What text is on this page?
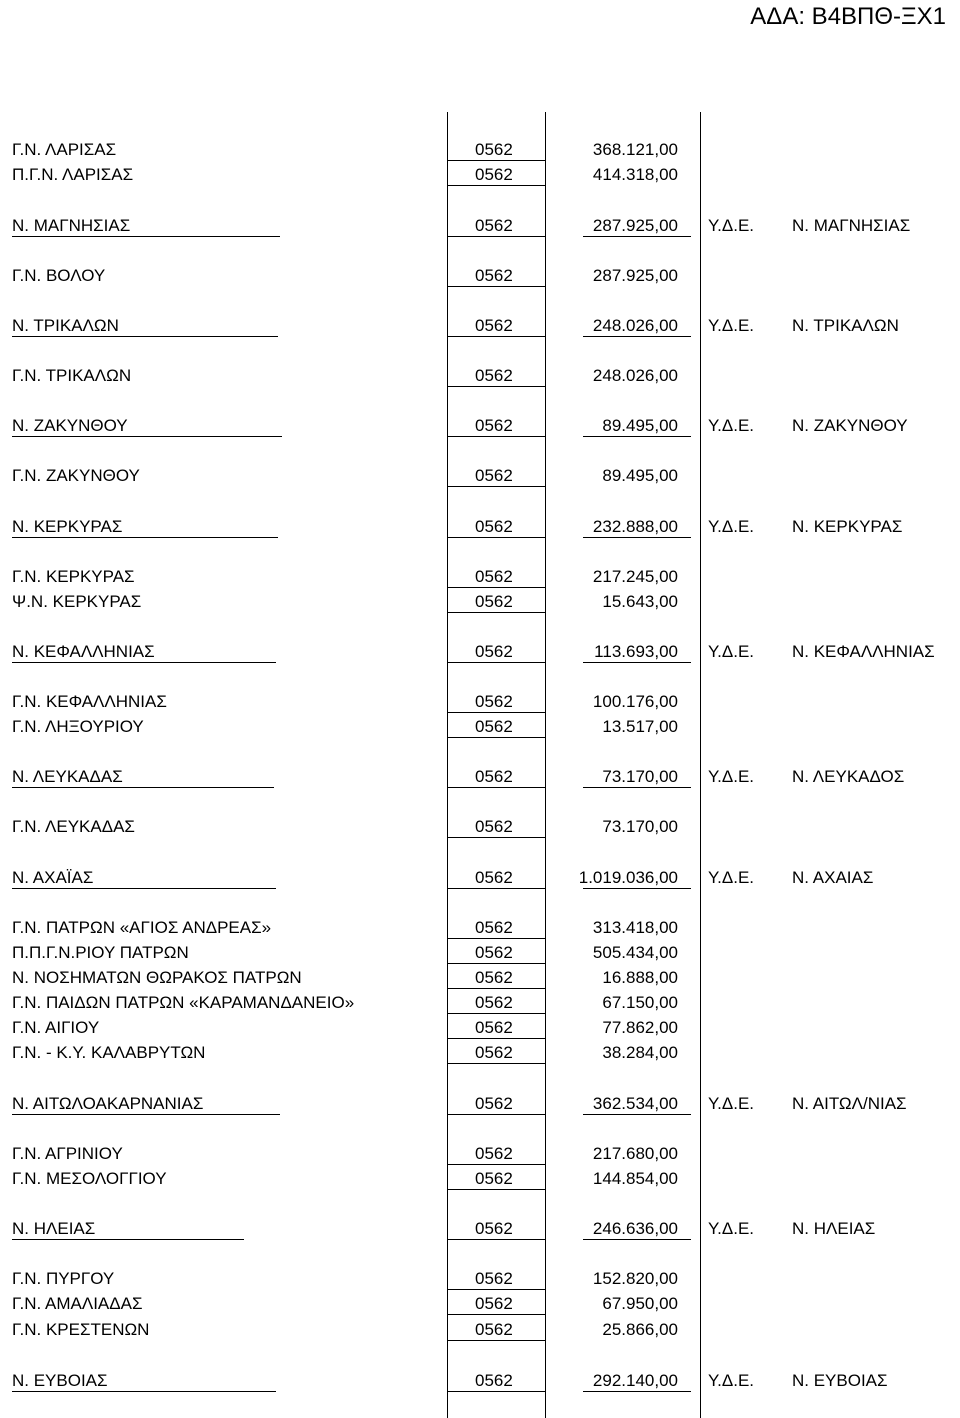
ΑΔΑ: Β4ΒΠΘ-ΞΧ1
Γ.Ν. ΛΑΡΙΣΑΣ	0562	368.121,00
Π.Γ.Ν. ΛΑΡΙΣΑΣ	0562	414.318,00
Ν. ΜΑΓΝΗΣΙΑΣ	0562	287.925,00 Υ.Δ.Ε. Ν. ΜΑΓΝΗΣΙΑΣ
Γ.Ν. ΒΟΛΟΥ	0562	287.925,00
Ν. ΤΡΙΚΑΛΩΝ	0562	248.026,00 Υ.Δ.Ε. Ν. ΤΡΙΚΑΛΩΝ
Γ.Ν. ΤΡΙΚΑΛΩΝ	0562	248.026,00
Ν. ΖΑΚΥΝΘΟΥ	0562	89.495,00 Υ.Δ.Ε. Ν. ΖΑΚΥΝΘΟΥ
Γ.Ν. ΖΑΚΥΝΘΟΥ	0562	89.495,00
Ν. ΚΕΡΚΥΡΑΣ	0562	232.888,00 Υ.Δ.Ε. Ν. ΚΕΡΚΥΡΑΣ
Γ.Ν. ΚΕΡΚΥΡΑΣ	0562	217.245,00
Ψ.Ν. ΚΕΡΚΥΡΑΣ	0562	15.643,00
Ν. ΚΕΦΑΛΛΗΝΙΑΣ	0562	113.693,00 Υ.Δ.Ε. Ν. ΚΕΦΑΛΛΗΝΙΑΣ
Γ.Ν. ΚΕΦΑΛΛΗΝΙΑΣ	0562	100.176,00
Γ.Ν. ΛΗΞΟΥΡΙΟΥ	0562	13.517,00
Ν. ΛΕΥΚΑΔΑΣ	0562	73.170,00 Υ.Δ.Ε. Ν. ΛΕΥΚΑΔΟΣ
Γ.Ν. ΛΕΥΚΑΔΑΣ	0562	73.170,00
Ν. ΑΧΑΪΑΣ	0562	1.019.036,00 Υ.Δ.Ε. Ν. ΑΧΑΙΑΣ
Γ.Ν. ΠΑΤΡΩΝ «ΑΓΙΟΣ ΑΝΔΡΕΑΣ»	0562	313.418,00
Π.Π.Γ.Ν.ΡΙΟΥ ΠΑΤΡΩΝ	0562	505.434,00
Ν. ΝΟΣΗΜΑΤΩΝ ΘΩΡΑΚΟΣ ΠΑΤΡΩΝ	0562	16.888,00
Γ.Ν. ΠΑΙΔΩΝ ΠΑΤΡΩΝ «ΚΑΡΑΜΑΝΔΑΝΕΙΟ»	0562	67.150,00
Γ.Ν. ΑΙΓΙΟΥ	0562	77.862,00
Γ.Ν. - Κ.Υ. ΚΑΛΑΒΡΥΤΩΝ	0562	38.284,00
Ν. ΑΙΤΩΛΟΑΚΑΡΝΑΝΙΑΣ	0562	362.534,00 Υ.Δ.Ε. Ν. ΑΙΤΩΛ/ΝΙΑΣ
Γ.Ν. ΑΓΡΙΝΙΟΥ	0562	217.680,00
Γ.Ν. ΜΕΣΟΛΟΓΓΙΟΥ	0562	144.854,00
Ν. ΗΛΕΙΑΣ	0562	246.636,00 Υ.Δ.Ε. Ν. ΗΛΕΙΑΣ
Γ.Ν. ΠΥΡΓΟΥ	0562	152.820,00
Γ.Ν. ΑΜΑΛΙΑΔΑΣ	0562	67.950,00
Γ.Ν. ΚΡΕΣΤΕΝΩΝ	0562	25.866,00
Ν. ΕΥΒΟΙΑΣ	0562	292.140,00 Υ.Δ.Ε. Ν. ΕΥΒΟΙΑΣ
